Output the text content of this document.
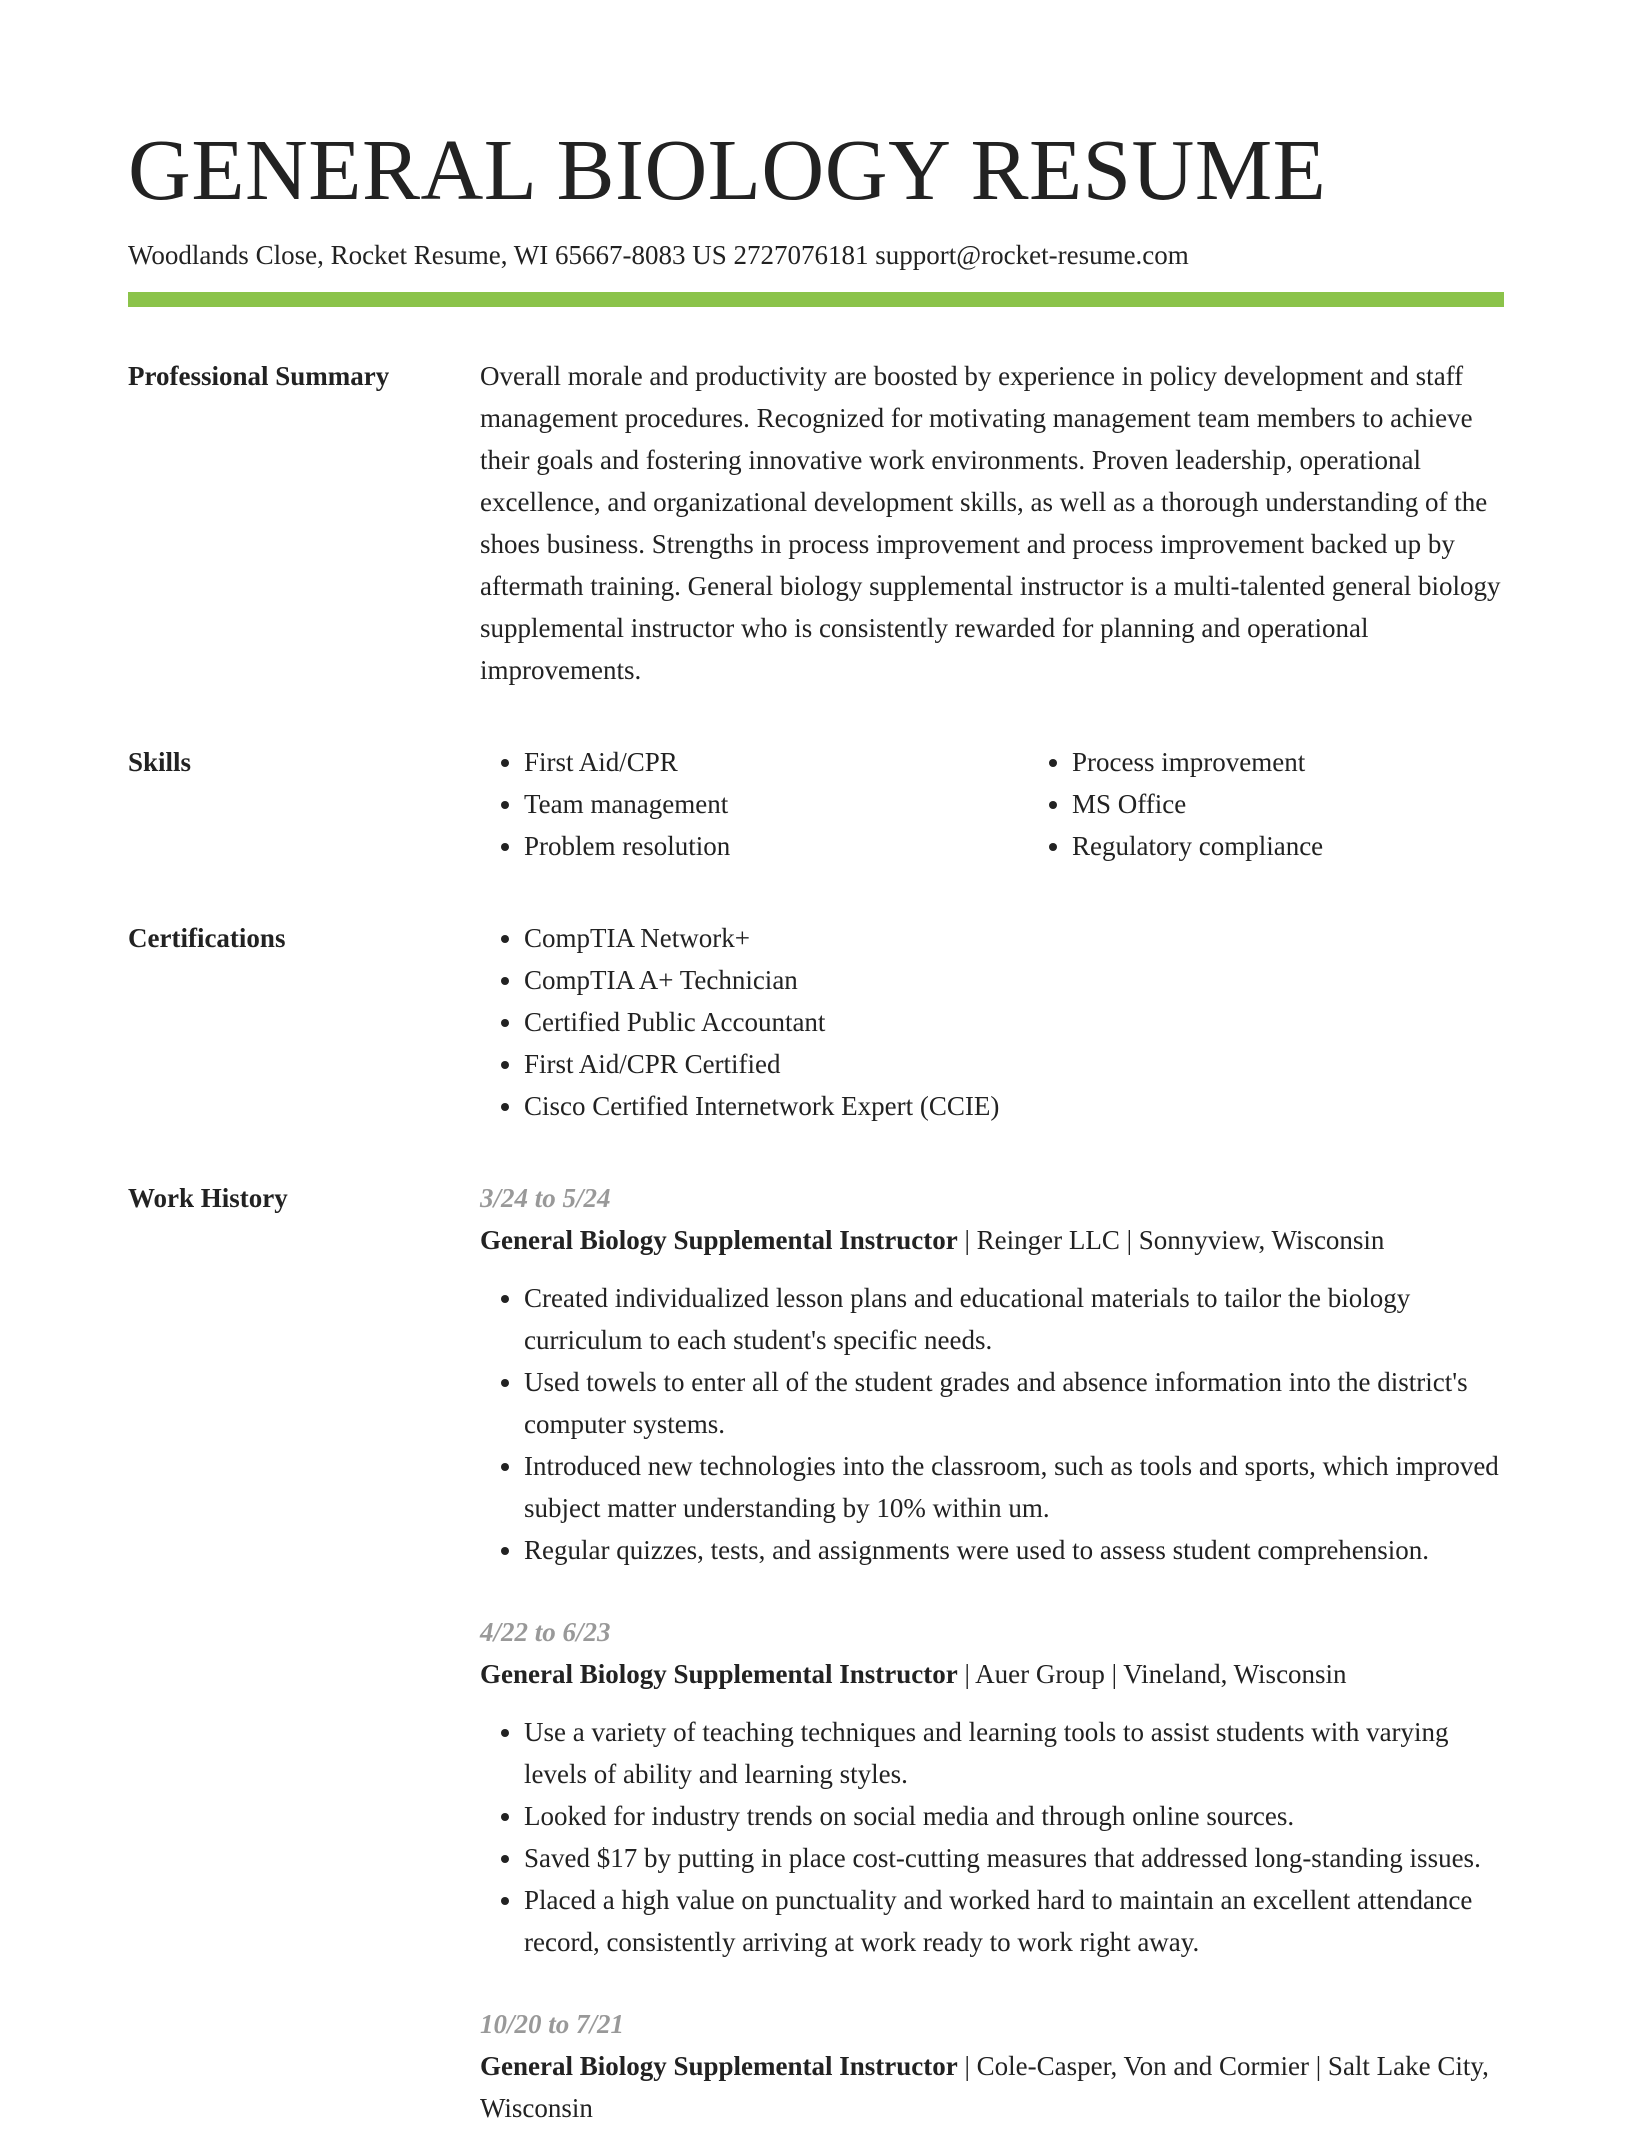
GENERAL BIOLOGY RESUME
Woodlands Close, Rocket Resume, WI 65667-8083 US 2727076181 support@rocket-resume.com
Professional Summary	Overall morale and productivity are boosted by experience in policy development and staff management procedures. Recognized for motivating management team members to achieve their goals and fostering innovative work environments. Proven leadership, operational excellence, and organizational development skills, as well as a thorough understanding of the shoes business. Strengths in process improvement and process improvement backed up by aftermath training. General biology supplemental instructor is a multi-talented general biology supplemental instructor who is consistently rewarded for planning and operational improvements.

Skills	• First Aid/CPR
• Team management
• Problem resolution
• Process improvement
• MS Office
• Regulatory compliance
Certifications	• CompTIA Network+
• CompTIA A+ Technician
• Certified Public Accountant
• First Aid/CPR Certified
• Cisco Certified Internetwork Expert (CCIE)
Work History	3/24 to 5/24
General Biology Supplemental Instructor | Reinger LLC | Sonnyview, Wisconsin
• Created individualized lesson plans and educational materials to tailor the biology curriculum to each student's specific needs.
• Used towels to enter all of the student grades and absence information into the district's computer systems.
• Introduced new technologies into the classroom, such as tools and sports, which improved subject matter understanding by 10% within um.
• Regular quizzes, tests, and assignments were used to assess student comprehension.
4/22 to 6/23
General Biology Supplemental Instructor | Auer Group | Vineland, Wisconsin
• Use a variety of teaching techniques and learning tools to assist students with varying levels of ability and learning styles.
• Looked for industry trends on social media and through online sources.
• Saved $17 by putting in place cost-cutting measures that addressed long-standing issues.
• Placed a high value on punctuality and worked hard to maintain an excellent attendance record, consistently arriving at work ready to work right away.
10/20 to 7/21
General Biology Supplemental Instructor | Cole-Casper, Von and Cormier | Salt Lake City, Wisconsin
